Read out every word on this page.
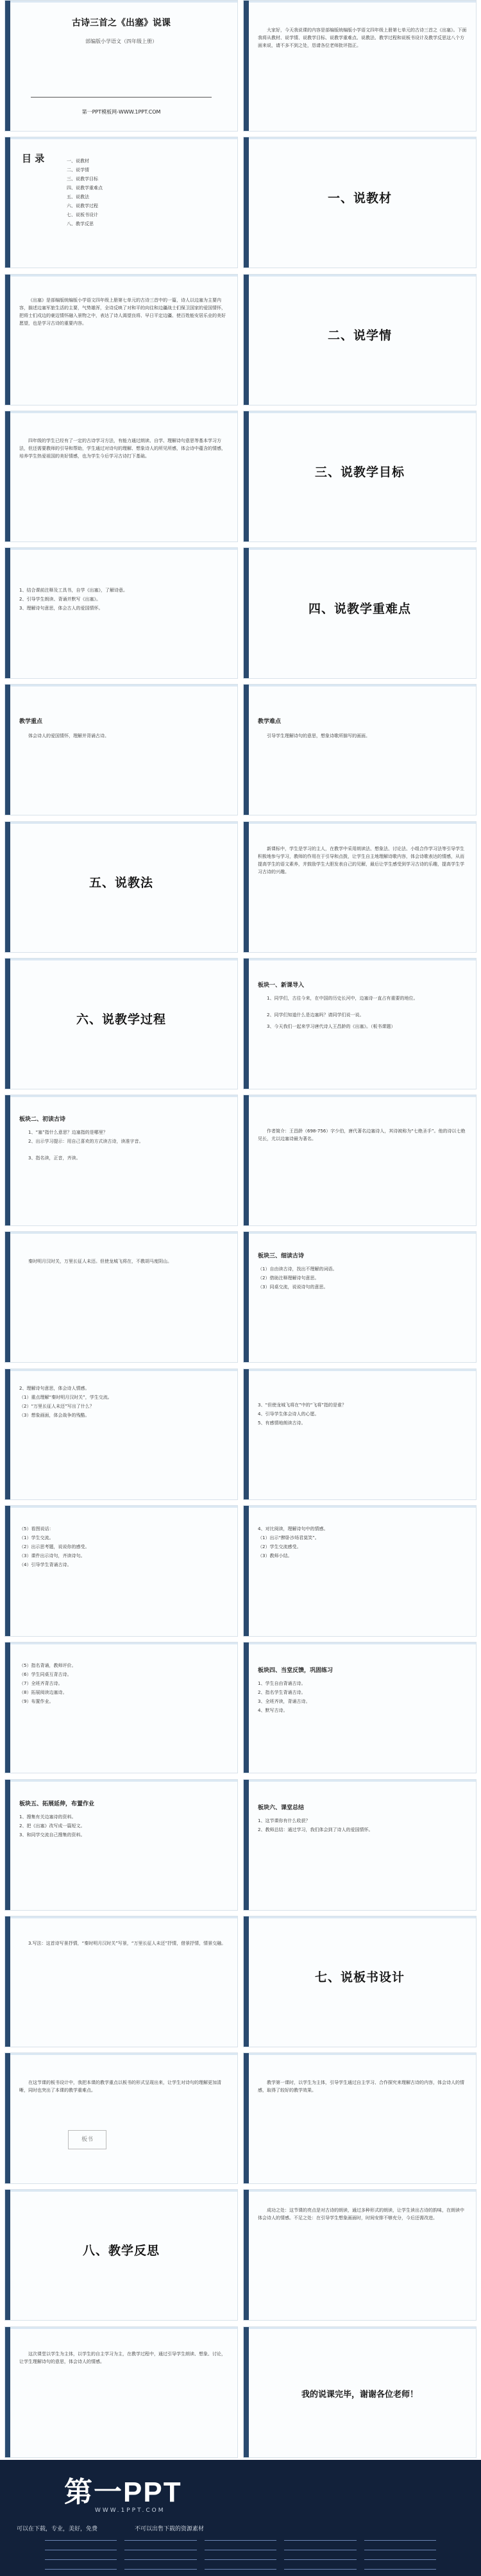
古诗三首之《出塞》说课
部编版小学语文（四年级上册）
第一PPT模板网-WWW.1PPT.COM
大家好，今天我说课的内容是部编版统编版小学语文四年级上册第七单元的古诗三首之《出塞》。下面我将从教材、说学情、说教学目标、说教学重难点、说教法、教学过程和说板书设计及教学反思这八个方面来说，请不多不到之处，恳请各位老师批评指正。
目 录	一、说教材
二、说学情
三、说教学目标
四、说教学重难点
五、说教法
六、说教学过程
七、说板书设计
八、教学反思
一、说教材
《出塞》是部编版统编版小学语文四年级上册第七单元的古诗三首中的一篇，诗人以边塞为主要内容，描述边塞军旅生活的主要，气势雄浑，全诗反映了对和平的向往和边疆战士们保卫国家的爱国情怀，把将士们戍边的豪迈情怀融入景物之中，表达了诗人渴望良将、早日平定边疆、使百姓能安居乐业的美好愿望，也是学习古诗的重要内容。
二、说学情
四年级的学生已经有了一定的古诗学习方法，有能力通过朗读、自学、理解诗句意思等基本学习方法，但还需要教师的引导和帮助，学生通过对诗句的理解、想象诗人的所见所感，体会诗中蕴含的情感，培养学生热爱祖国的美好情感，也为学生今后学习古诗打下基础。
三、说教学目标
1、结合课前注释及工具书，自学《出塞》，了解诗意。
2、引导学生朗读、背诵并默写《出塞》。
3、理解诗句意思，体会古人的爱国情怀。	四、说教学重难点
教学重点
体会诗人的爱国情怀，理解并背诵古诗。
教学难点
引导学生理解诗句的意思，想象诗歌所描写的画面。
五、说教法
新课标中，学生是学习的主人，在教学中采用朗读法、想象法、讨论法、小组合作学习法等引导学生积极地参与学习，教师的作用在于引导和点拨，让学生自主地理解诗歌内容，体会诗歌表达的情感，从而提高学生的语文素养，并鼓励学生大胆发表自己的见解，最后让学生感受到学习古诗的乐趣，提高学生学习古诗的兴趣。
六、说教学过程
板块一、新课导入
1、同学们，古往今来，在中国的历史长河中，边塞诗一直占有重要的地位。
2、同学们知道什么是边塞吗？请同学们说一说。
3、今天我们一起来学习唐代诗人王昌龄的《出塞》。（板书课题）
板块二、初读古诗
1、“塞”指什么意思？边塞指的是哪里？
2、出示学习提示：用自己喜欢的方式读古诗，读准字音。
3、指名读，正音，齐读。
作者简介：王昌龄（698-756）字少伯，唐代著名边塞诗人，其诗被称为“七绝圣手”。他的诗以七绝见长，尤以边塞诗最为著名。
秦时明月汉时关，万里长征人未还。但使龙城飞将在，不教胡马度阴山。
板块三、细读古诗
（1）自由读古诗，找出不理解的词语。
（2）借助注释理解诗句意思。
（3）同桌交流，说说诗句的意思。
2、理解诗句意思，体会诗人情感。
（1）重点理解“秦时明月汉时关”，学生交流。
（2）“万里长征人未还”写出了什么？
（3）想象画面，体会战争的残酷。
3、“但使龙城飞将在”中的“飞将”指的是谁？
4、引导学生体会诗人的心愿。
5、有感情地朗读古诗。
（5）看图说话：
（1）学生交流。
（2）出示思考题，说说你的感受。
（3）课件出示诗句，齐读诗句。
（4）引导学生背诵古诗。
4、对比阅读，理解诗句中的情感。
（1）出示“醉卧沙场君莫笑”。
（2）学生交流感受。
（3）教师小结。
（5）指名背诵，教师评价。
（6）学生同桌互背古诗。
（7）全班齐背古诗。
（8）拓展阅读边塞诗。
（9）布置作业。
板块四、当堂反馈，巩固练习
1、学生自由背诵古诗。
2、指名学生背诵古诗。
3、全班齐读，背诵古诗。
4、默写古诗。
板块五、拓展延伸，布置作业
1、搜集有关边塞诗的资料。
2、把《出塞》改写成一篇短文。
3、和同学交流自己搜集的资料。
板块六、课堂总结
1、这节课你有什么收获？
2、教师总结：通过学习，我们体会到了诗人的爱国情怀。
3.写法：这首诗写景抒情，“秦时明月汉时关”写景，“万里长征人未还”抒情，借景抒情，情景交融。
七、说板书设计
在这节课的板书设计中，我把本课的教学重点以板书的形式呈现出来，让学生对诗句的理解更加清晰，同时也突出了本课的教学重难点。
板书
教学第一课时，以学生为主体，引导学生通过自主学习、合作探究来理解古诗的内容，体会诗人的情感，取得了较好的教学效果。
八、教学反思
成功之处：这节课的亮点是对古诗的朗读，通过多种形式的朗读，让学生读出古诗的韵味，在朗读中体会诗人的情感。不足之处：在引导学生想象画面时，时间安排不够充分，今后还需改进。
这次课堂以学生为主体，以学生的自主学习为主，在教学过程中，通过引导学生朗读、想象、讨论，让学生理解诗句的意思，体会诗人的情感。
我的说课完毕，谢谢各位老师！
第一PPT
WWW.1PPT.COM
可以在下载，专业，美好，免费	不可以出售下载的资源素材
